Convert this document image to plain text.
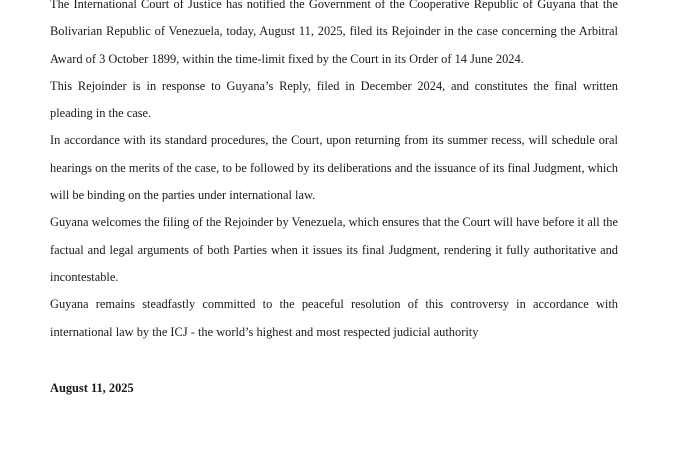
The International Court of Justice has notified the Government of the Cooperative Republic of Guyana that the Bolivarian Republic of Venezuela, today, August 11, 2025, filed its Rejoinder in the case concerning the Arbitral Award of 3 October 1899, within the time-limit fixed by the Court in its Order of 14 June 2024.

This Rejoinder is in response to Guyana’s Reply, filed in December 2024, and constitutes the final written pleading in the case.

In accordance with its standard procedures, the Court, upon returning from its summer recess, will schedule oral hearings on the merits of the case, to be followed by its deliberations and the issuance of its final Judgment, which will be binding on the parties under international law.

Guyana welcomes the filing of the Rejoinder by Venezuela, which ensures that the Court will have before it all the factual and legal arguments of both Parties when it issues its final Judgment, rendering it fully authoritative and incontestable.

Guyana remains steadfastly committed to the peaceful resolution of this controversy in accordance with international law by the ICJ - the world’s highest and most respected judicial authority

August 11, 2025
